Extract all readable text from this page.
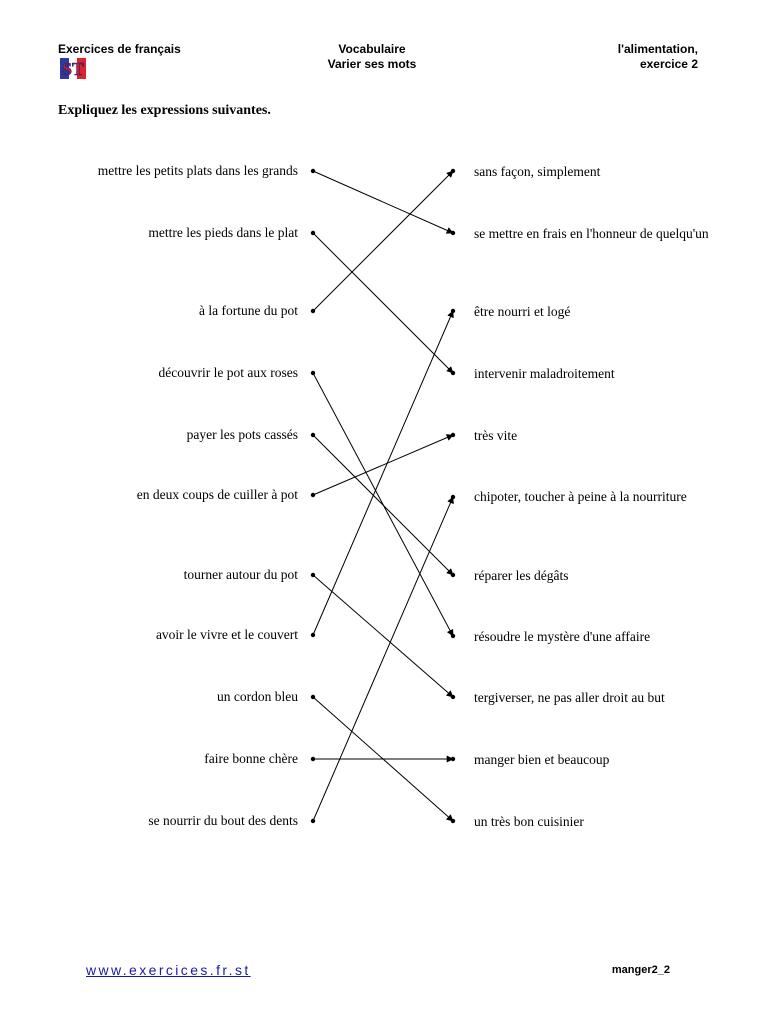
Exercices de français	Vocabulaire
Varier ses mots
l'alimentation,
exercice 2
ST
Expliquez les expressions suivantes.
mettre les petits plats dans les grands
mettre les pieds dans le plat
à la fortune du pot
découvrir le pot aux roses
payer les pots cassés
en deux coups de cuiller à pot
tourner autour du pot
avoir le vivre et le couvert
un cordon bleu
faire bonne chère
se nourrir du bout des dents
sans façon, simplement
se mettre en frais en l'honneur de quelqu'un
être nourri et logé
intervenir maladroitement
très vite
chipoter, toucher à peine à la nourriture
réparer les dégâts
résoudre le mystère d'une affaire
tergiverser, ne pas aller droit au but
manger bien et beaucoup
un très bon cuisinier
www.exercices.fr.st	manger2_2
